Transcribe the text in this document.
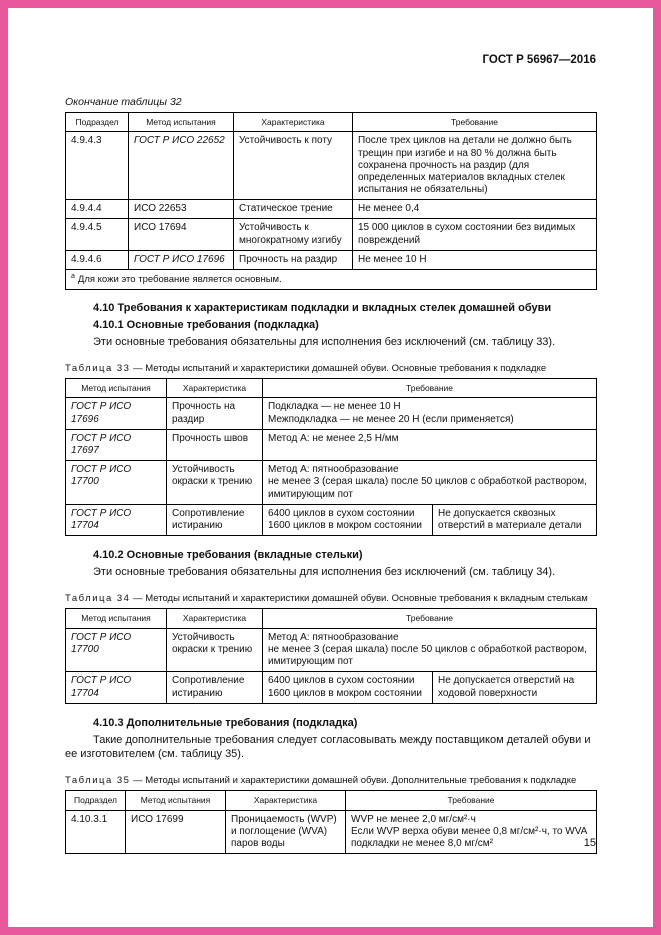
ГОСТ Р 56967—2016
Окончание таблицы 32
Подраздел	Метод испытания	Характеристика	Требование
4.9.4.3	ГОСТ Р ИСО 22652	Устойчивость к поту	После трех циклов на детали не должно быть трещин при изгибе и на 80 % должна быть сохранена прочность на раздир (для определенных материалов вкладных стелек испытания не обязательны)
4.9.4.4	ИСО 22653	Статическое трение	Не менее 0,4
4.9.4.5	ИСО 17694	Устойчивость к многократному изгибу	15 000 циклов в сухом состоянии без видимых повреждений
4.9.4.6	ГОСТ Р ИСО 17696	Прочность на раздир	Не менее 10 Н
$^а$ Для кожи это требование является основным.			
4.10 Требования к характеристикам подкладки и вкладных стелек домашней обуви
4.10.1 Основные требования (подкладка)

Эти основные требования обязательны для исполнения без исключений (см. таблицу 33).

Таблица 33 — Методы испытаний и характеристики домашней обуви. Основные требования к подкладке
Метод испытания	Характеристика	Требование	
ГОСТ Р ИСО 17696	Прочность на раздир	Подкладка — не менее 10 Н
Межподкладка — не менее 20 Н (если применяется)	

ГОСТ Р ИСО 17697	Прочность швов	Метод А: не менее 2,5 Н/мм	
ГОСТ Р ИСО 17700	Устойчивость окраски к трению	Метод А: пятнообразование
не менее 3 (серая шкала) после 50 циклов с обработкой раствором, имитирующим пот	

ГОСТ Р ИСО 17704	Сопротивление истиранию	6400 циклов в сухом состоянии
1600 циклов в мокром состоянии	Не допускается сквозных отверстий в материале детали
4.10.2 Основные требования (вкладные стельки)

Эти основные требования обязательны для исполнения без исключений (см. таблицу 34).

Таблица 34 — Методы испытаний и характеристики домашней обуви. Основные требования к вкладным стелькам
Метод испытания	Характеристика	Требование	
ГОСТ Р ИСО 17700	Устойчивость окраски к трению	Метод А: пятнообразование
не менее 3 (серая шкала) после 50 циклов с обработкой раствором, имитирующим пот	

ГОСТ Р ИСО 17704	Сопротивление истиранию	6400 циклов в сухом состоянии
1600 циклов в мокром состоянии	Не допускается отверстий на ходовой поверхности
4.10.3 Дополнительные требования (подкладка)

Такие дополнительные требования следует согласовывать между поставщиком деталей обуви и ее изготовителем (см. таблицу 35).

Таблица 35 — Методы испытаний и характеристики домашней обуви. Дополнительные требования к подкладке
Подраздел	Метод испытания	Характеристика	Требование
4.10.3.1	ИСО 17699	Проницаемость (WVP) и поглощение (WVA) паров воды	WVP не менее 2,0 мг/см²·ч
Если WVP верха обуви менее 0,8 мг/см²·ч, то WVA подкладки не менее 8,0 мг/см²	15
